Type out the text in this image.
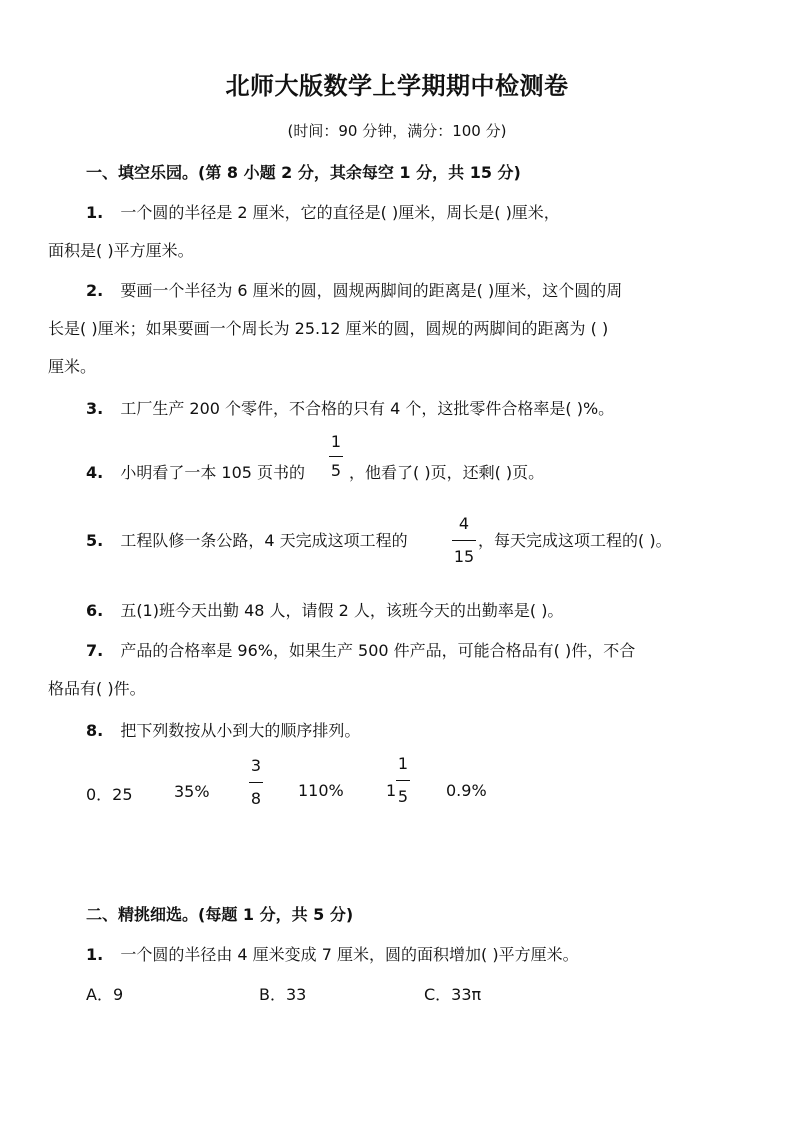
北师大版数学上学期期中检测卷
(时间：90 分钟，满分：100 分)
一、填空乐园。(第 8 小题 2 分，其余每空 1 分，共 15 分)
1. 一个圆的半径是 2 厘米，它的直径是( )厘米，周长是( )厘米，
面积是( )平方厘米。
2. 要画一个半径为 6 厘米的圆，圆规两脚间的距离是( )厘米，这个圆的周
长是( )厘米；如果要画一个周长为 25.12 厘米的圆，圆规的两脚间的距离为 ( )
厘米。
3. 工厂生产 200 个零件，不合格的只有 4 个，这批零件合格率是( )%。
4. 小明看了一本 105 页书的
1
5 ，他看了( )页，还剩( )页。
5. 工程队修一条公路，4 天完成这项工程的
4
15
，每天完成这项工程的( )。
6. 五(1)班今天出勤 48 人，请假 2 人，该班今天的出勤率是( )。
7. 产品的合格率是 96%，如果生产 500 件产品，可能合格品有( )件，不合
格品有( )件。
8. 把下列数按从小到大的顺序排列。
0．25	35%
3
8 110%	1
1
5 0.9%
二、精挑细选。(每题 1 分，共 5 分)
1. 一个圆的半径由 4 厘米变成 7 厘米，圆的面积增加( )平方厘米。
A．9	B．33	C．33π
